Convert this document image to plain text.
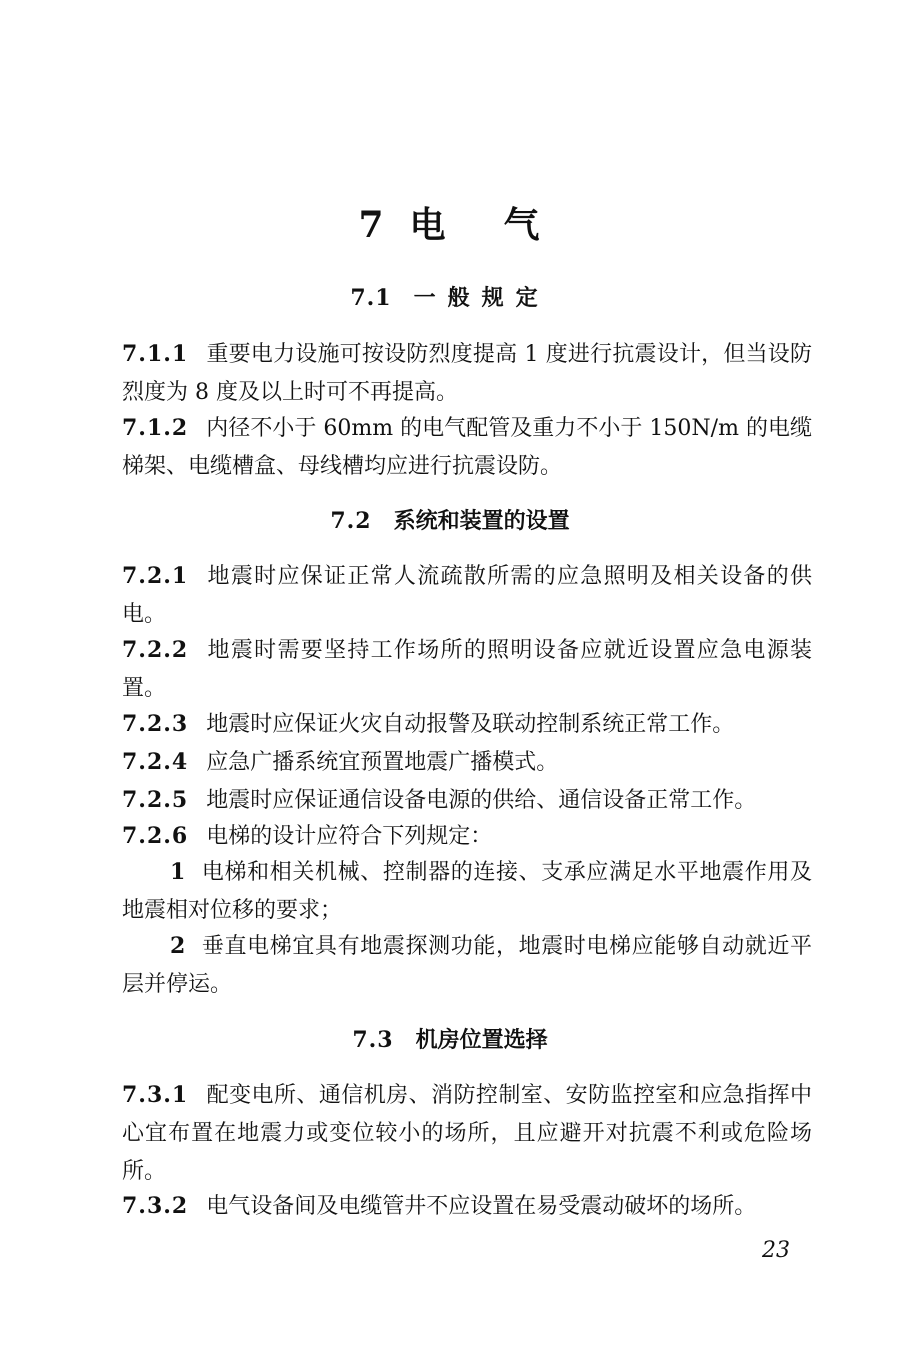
7 电 气
7.1 一般规定
7.1.1 重要电力设施可按设防烈度提高 1 度进行抗震设计，但当设防烈度为 8 度及以上时可不再提高。
7.1.2 内径不小于 60mm 的电气配管及重力不小于 150N/m 的电缆梯架、电缆槽盒、母线槽均应进行抗震设防。
7.2 系统和装置的设置
7.2.1 地震时应保证正常人流疏散所需的应急照明及相关设备的供电。
7.2.2 地震时需要坚持工作场所的照明设备应就近设置应急电源装置。
7.2.3 地震时应保证火灾自动报警及联动控制系统正常工作。
7.2.4 应急广播系统宜预置地震广播模式。
7.2.5 地震时应保证通信设备电源的供给、通信设备正常工作。
7.2.6 电梯的设计应符合下列规定：
1 电梯和相关机械、控制器的连接、支承应满足水平地震作用及地震相对位移的要求；
2 垂直电梯宜具有地震探测功能，地震时电梯应能够自动就近平层并停运。
7.3 机房位置选择
7.3.1 配变电所、通信机房、消防控制室、安防监控室和应急指挥中心宜布置在地震力或变位较小的场所，且应避开对抗震不利或危险场所。
7.3.2 电气设备间及电缆管井不应设置在易受震动破坏的场所。
23
